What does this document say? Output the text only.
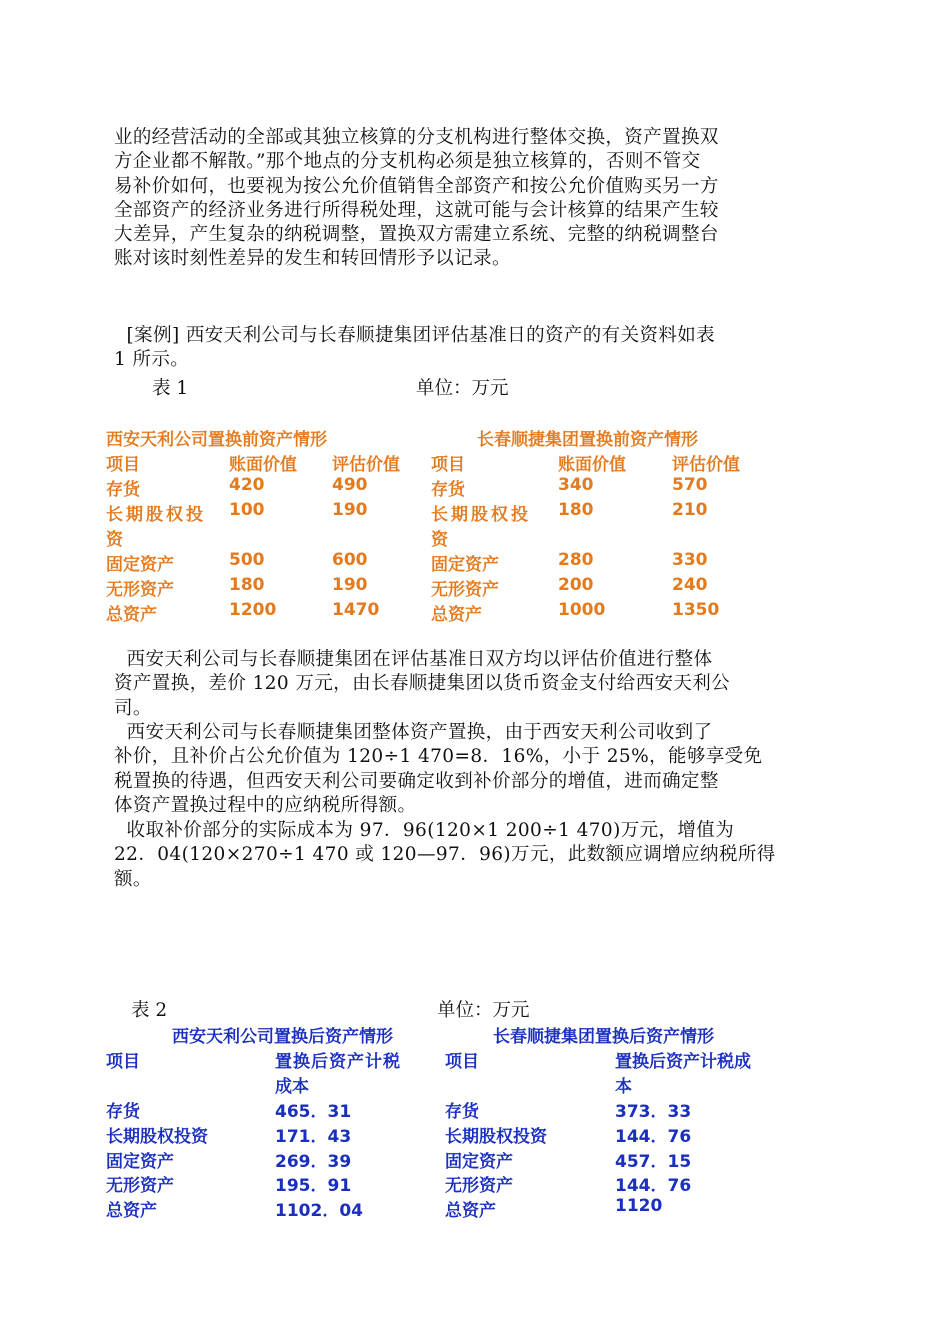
业的经营活动的全部或其独立核算的分支机构进行整体交换，资产置换双
方企业都不解散。”那个地点的分支机构必须是独立核算的，否则不管交
易补价如何，也要视为按公允价值销售全部资产和按公允价值购买另一方
全部资产的经济业务进行所得税处理，这就可能与会计核算的结果产生较
大差异，产生复杂的纳税调整，置换双方需建立系统、完整的纳税调整台
账对该时刻性差异的发生和转回情形予以记录。
[案例] 西安天利公司与长春顺捷集团评估基准日的资产的有关资料如表
1 所示。
表 1	单位：万元
西安天利公司置换前资产情形	长春顺捷集团置换前资产情形
项目	账面价值 评估价值 项目	账面价值	评估价值
存货	420	490
长期股权投
资
100	190
固定资产	500	600
无形资产	180	190
总资产	1200	1470
存货	340	570
长期股权投
资
180	210
固定资产	280	330
无形资产	200	240
总资产	1000	1350
西安天利公司与长春顺捷集团在评估基准日双方均以评估价值进行整体
资产置换，差价 120 万元，由长春顺捷集团以货币资金支付给西安天利公
司。
西安天利公司与长春顺捷集团整体资产置换，由于西安天利公司收到了
补价，且补价占公允价值为 120÷1 470=8．16%，小于 25%，能够享受免
税置换的待遇，但西安天利公司要确定收到补价部分的增值，进而确定整
体资产置换过程中的应纳税所得额。
收取补价部分的实际成本为 97．96(120×1 200÷1 470)万元，增值为
22．04(120×270÷1 470 或 120—97．96)万元，此数额应调增应纳税所得
额。
表 2	单位：万元
西安天利公司置换后资产情形	长春顺捷集团置换后资产情形
项目	置换后资产计税
成本
项目	置换后资产计税成
本
存货	465．31
长期股权投资	171．43
固定资产	269．39
无形资产	195．91
总资产	1102．04
存货	373．33
长期股权投资	144．76
固定资产	457．15
无形资产	144．76
总资产	1120
